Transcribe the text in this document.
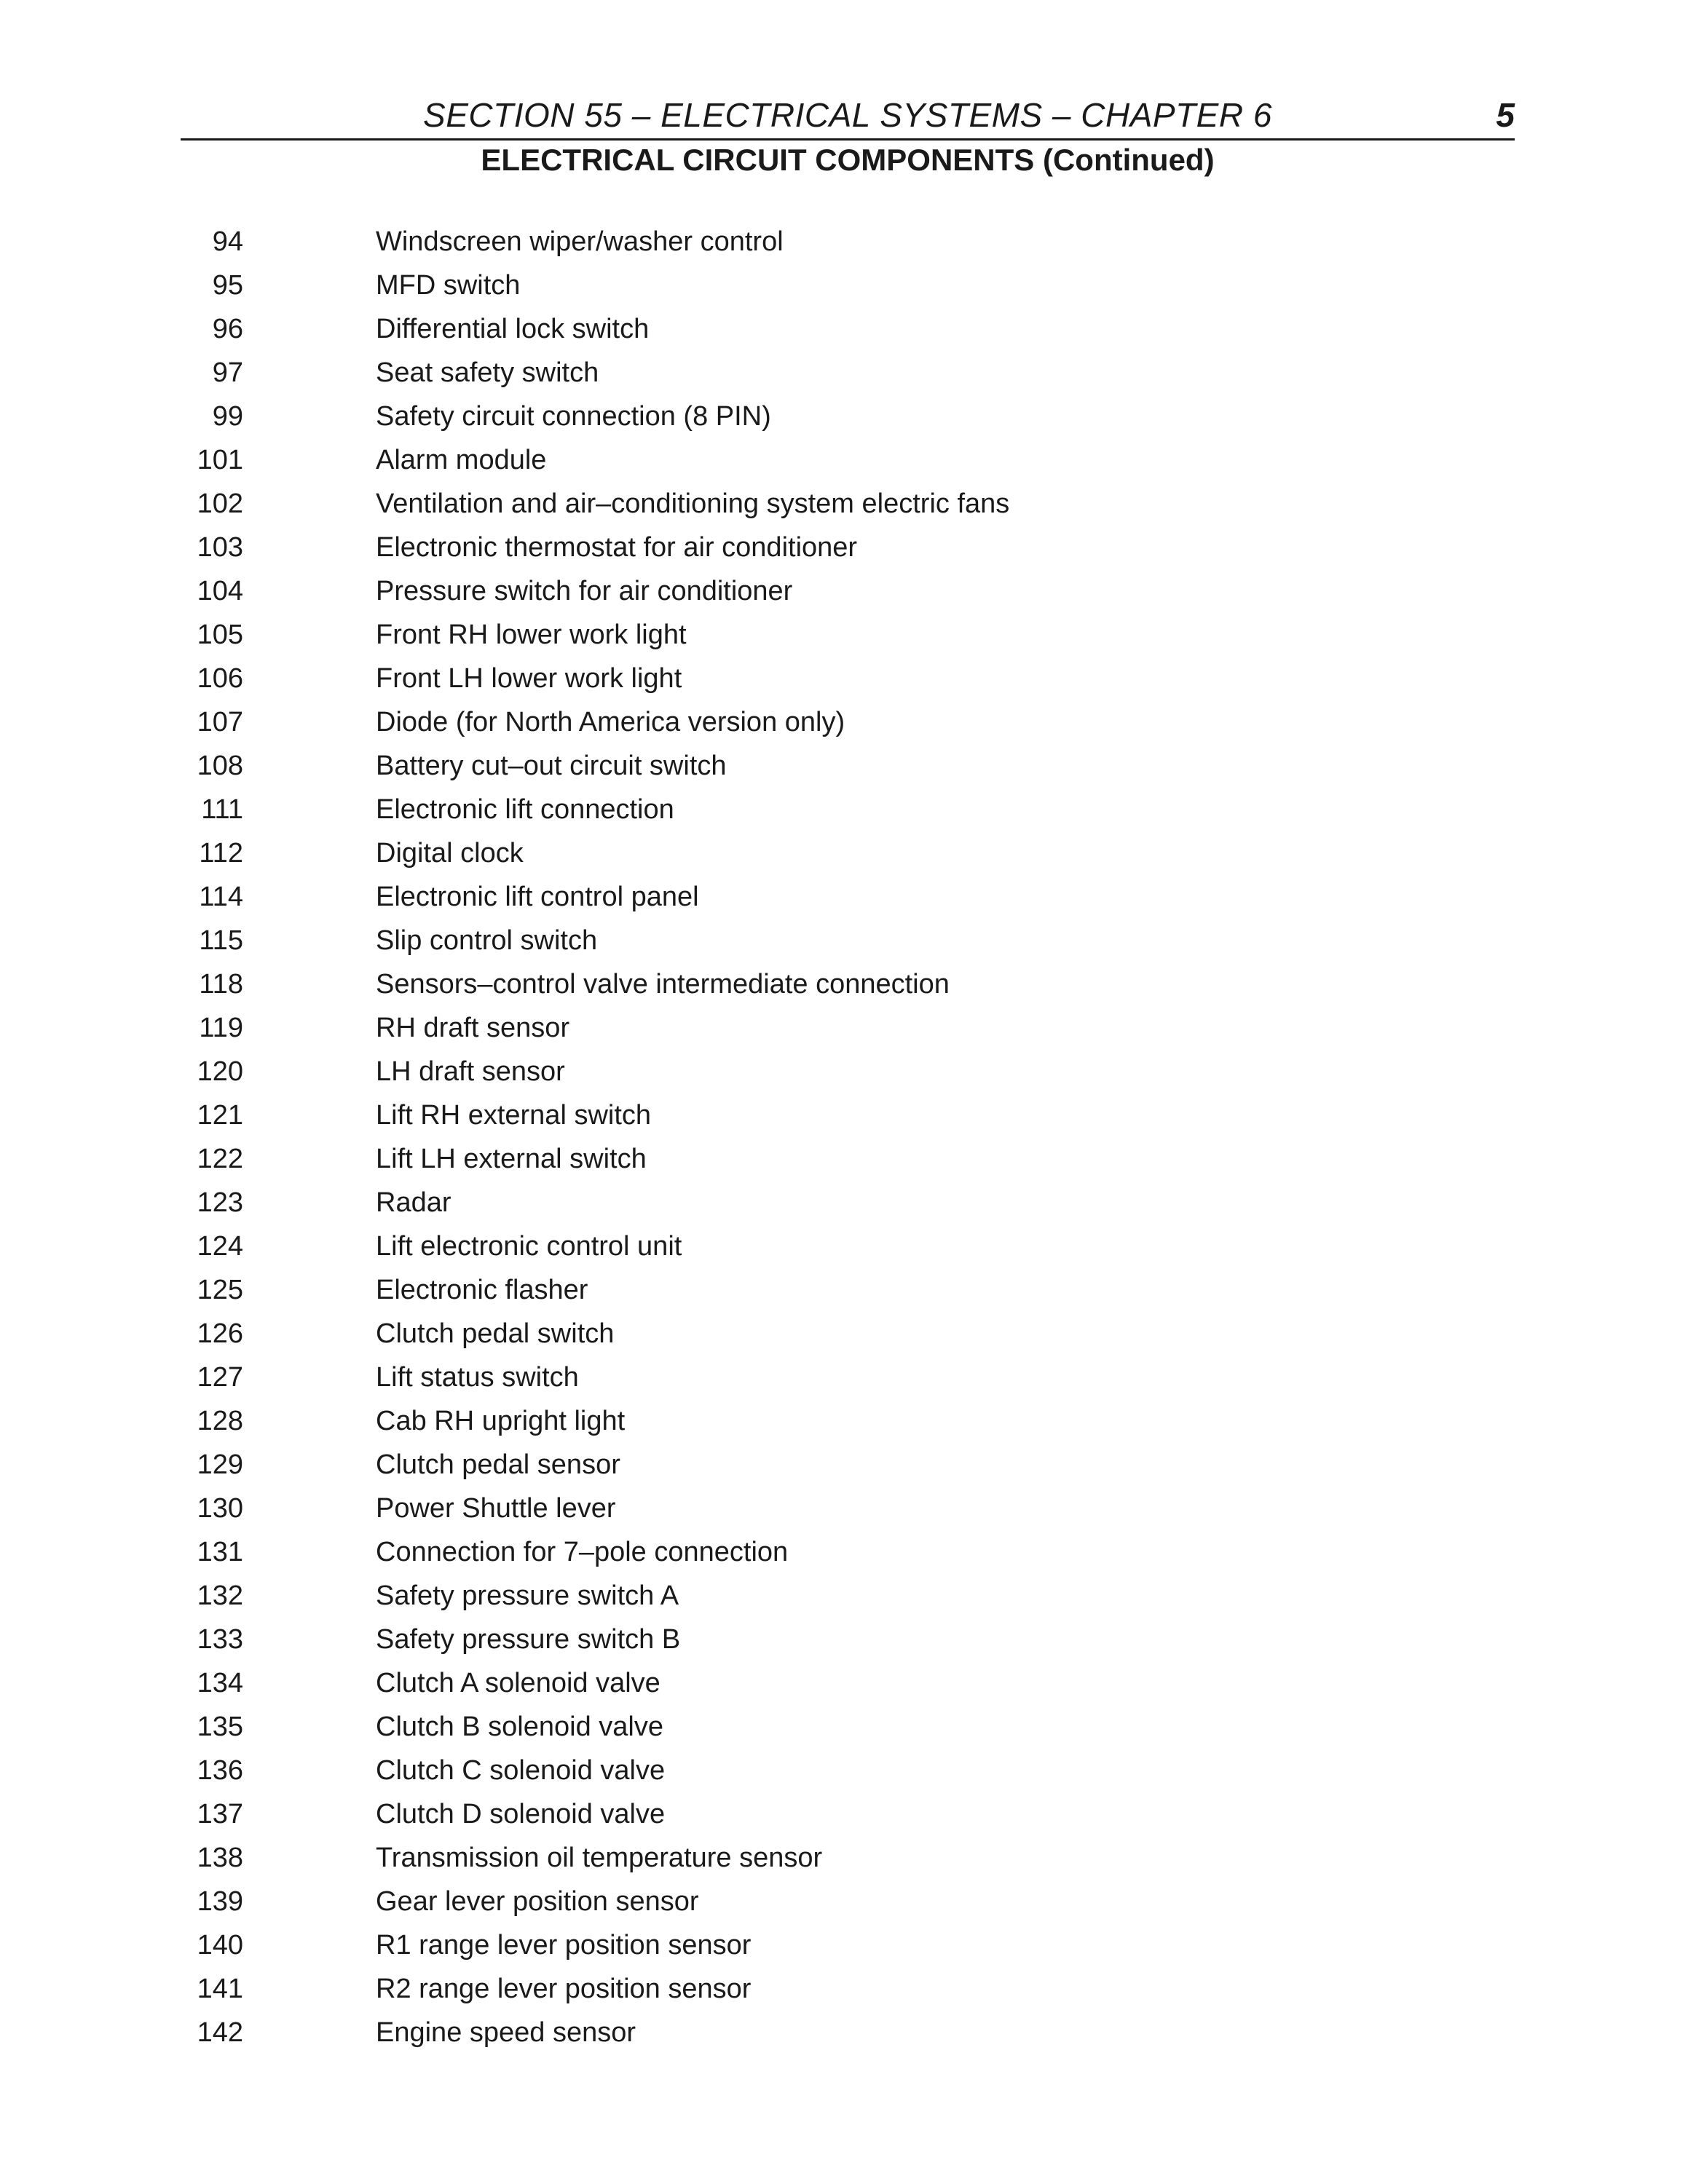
SECTION 55 – ELECTRICAL SYSTEMS – CHAPTER 6	5
ELECTRICAL CIRCUIT COMPONENTS (Continued)
94	Windscreen wiper/washer control
95	MFD switch
96	Differential lock switch
97	Seat safety switch
99	Safety circuit connection (8 PIN)
101	Alarm module
102	Ventilation and air–conditioning system electric fans
103	Electronic thermostat for air conditioner
104	Pressure switch for air conditioner
105	Front RH lower work light
106	Front LH lower work light
107	Diode (for North America version only)
108	Battery cut–out circuit switch
111	Electronic lift connection
112	Digital clock
114	Electronic lift control panel
115	Slip control switch
118	Sensors–control valve intermediate connection
119	RH draft sensor
120	LH draft sensor
121	Lift RH external switch
122	Lift LH external switch
123	Radar
124	Lift electronic control unit
125	Electronic flasher
126	Clutch pedal switch
127	Lift status switch
128	Cab RH upright light
129	Clutch pedal sensor
130	Power Shuttle lever
131	Connection for 7–pole connection
132	Safety pressure switch A
133	Safety pressure switch B
134	Clutch A solenoid valve
135	Clutch B solenoid valve
136	Clutch C solenoid valve
137	Clutch D solenoid valve
138	Transmission oil temperature sensor
139	Gear lever position sensor
140	R1 range lever position sensor
141	R2 range lever position sensor
142	Engine speed sensor
